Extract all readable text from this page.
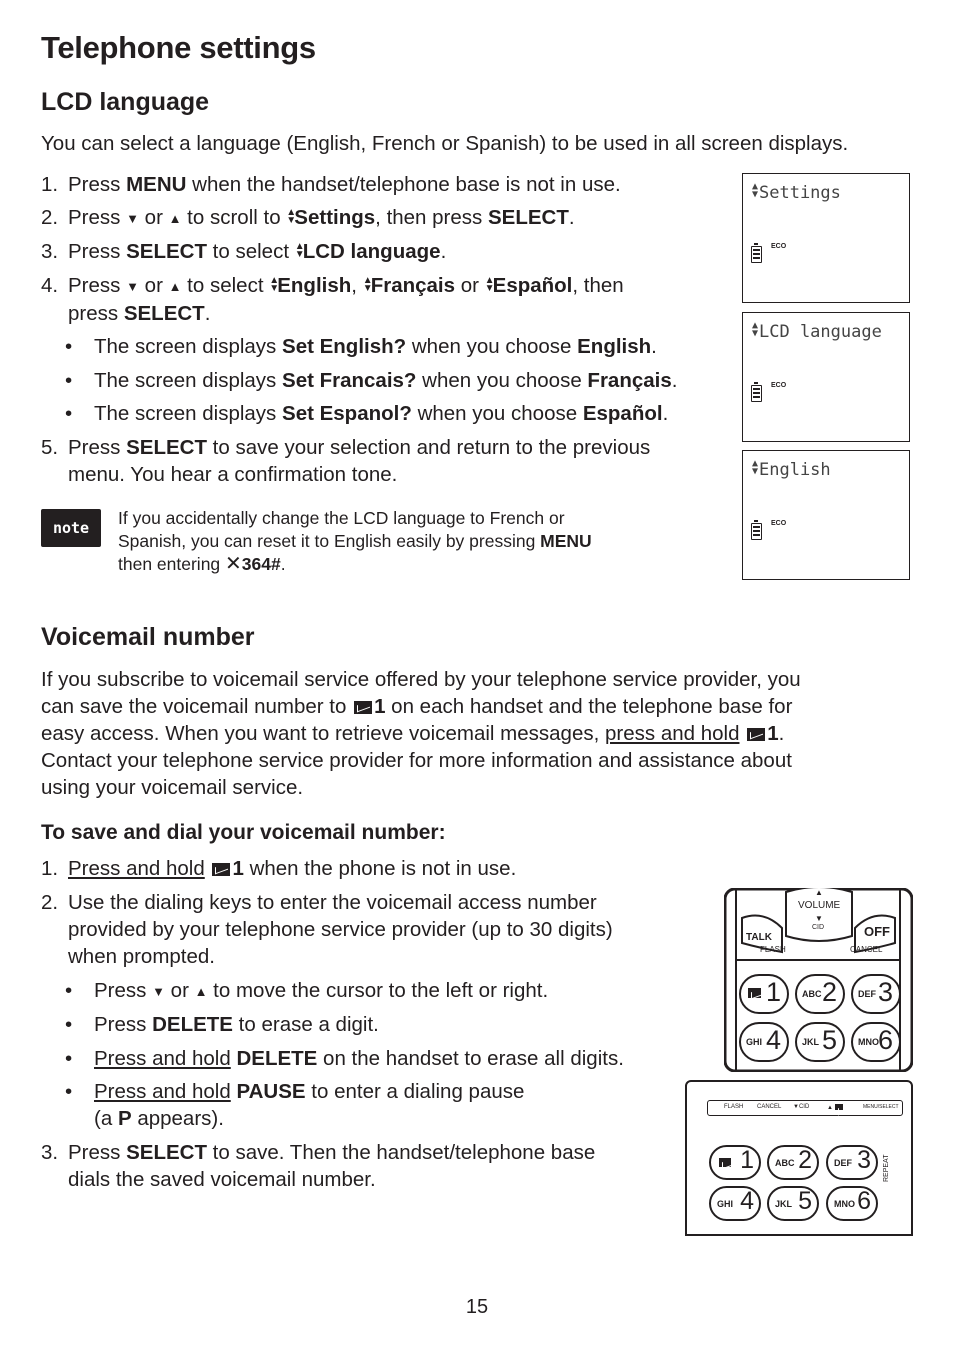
Telephone settings
LCD language
You can select a language (English, French or Spanish) to be used in all screen displays.
1. Press MENU when the handset/telephone base is not in use.
2. Press ▼ or ▲ to scroll to ▲
▼Settings, then press SELECT.
3. Press SELECT to select ▲
▼LCD language.
4. Press ▼ or ▲ to select ▲
▼English, ▲
▼Français or ▲
▼Español, then
press SELECT.
• The screen displays Set English? when you choose English.
• The screen displays Set Francais? when you choose Français.
• The screen displays Set Espanol? when you choose Español.
5. Press SELECT to save your selection and return to the previous
menu. You hear a confirmation tone.
note	If you accidentally change the LCD language to French or
Spanish, you can reset it to English easily by pressing MENU
then entering ✕364#.
▲
▼Settings
ECO
▲
▼LCD language
ECO
▲
▼English
ECO
Voicemail number
If you subscribe to voicemail service offered by your telephone service provider, you
can save the voicemail number to 1 on each handset and the telephone base for
easy access. When you want to retrieve voicemail messages, press and hold 1.
Contact your telephone service provider for more information and assistance about
using your voicemail service.
To save and dial your voicemail number:
1. Press and hold 1 when the phone is not in use.
2. Use the dialing keys to enter the voicemail access number
provided by your telephone service provider (up to 30 digits)
when prompted.
• Press ▼ or ▲ to move the cursor to the left or right.
• Press DELETE to erase a digit.
• Press and hold DELETE on the handset to erase all digits.
• Press and hold PAUSE to enter a dialing pause
(a P appears).
3. Press SELECT to save. Then the handset/telephone base
dials the saved voicemail number.
VOLUME
▲
▼
CID
TALK
FLASH
OFF
CANCEL
1 ABC 2 DEF 3
GHI 4 JKL 5 MNO
6
FLASH CANCEL ▼CID	▲	MENU/SELECT
REPEAT
1 ABC 2 DEF 3
GHI 4 JKL 5 MNO 6
15
